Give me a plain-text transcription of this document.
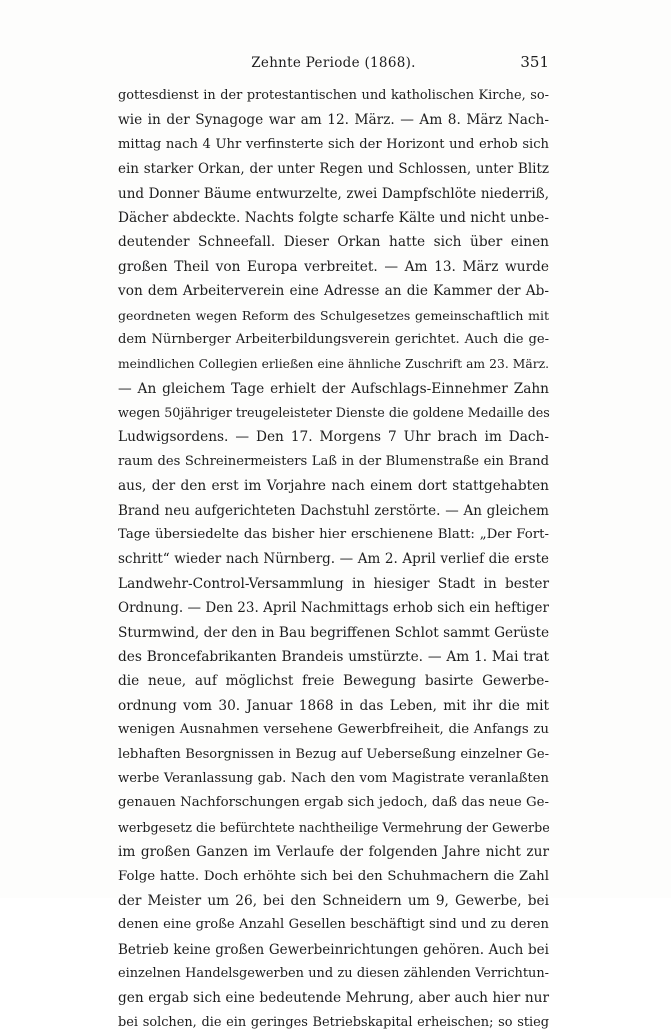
Zehnte Periode (1868).	351
gottesdienst in der protestantischen und katholischen Kirche, so-
wie in der Synagoge war am 12. März. — Am 8. März Nach-
mittag nach 4 Uhr verfinsterte sich der Horizont und erhob sich
ein starker Orkan, der unter Regen und Schlossen, unter Blitz
und Donner Bäume entwurzelte, zwei Dampfschlöte niederriß,
Dächer abdeckte. Nachts folgte scharfe Kälte und nicht unbe-
deutender Schneefall. Dieser Orkan hatte sich über einen
großen Theil von Europa verbreitet. — Am 13. März wurde
von dem Arbeiterverein eine Adresse an die Kammer der Ab-
geordneten wegen Reform des Schulgesetzes gemeinschaftlich mit
dem Nürnberger Arbeiterbildungsverein gerichtet. Auch die ge-
meindlichen Collegien erließen eine ähnliche Zuschrift am 23. März.
— An gleichem Tage erhielt der Aufschlags-Einnehmer Zahn
wegen 50jähriger treugeleisteter Dienste die goldene Medaille des
Ludwigsordens. — Den 17. Morgens 7 Uhr brach im Dach-
raum des Schreinermeisters Laß in der Blumenstraße ein Brand
aus, der den erst im Vorjahre nach einem dort stattgehabten
Brand neu aufgerichteten Dachstuhl zerstörte. — An gleichem
Tage übersiedelte das bisher hier erschienene Blatt: „Der Fort-
schritt“ wieder nach Nürnberg. — Am 2. April verlief die erste
Landwehr-Control-Versammlung in hiesiger Stadt in bester
Ordnung. — Den 23. April Nachmittags erhob sich ein heftiger
Sturmwind, der den in Bau begriffenen Schlot sammt Gerüste
des Broncefabrikanten Brandeis umstürzte. — Am 1. Mai trat
die neue, auf möglichst freie Bewegung basirte Gewerbe-
ordnung vom 30. Januar 1868 in das Leben, mit ihr die mit
wenigen Ausnahmen versehene Gewerbfreiheit, die Anfangs zu
lebhaften Besorgnissen in Bezug auf Ueberseßung einzelner Ge-
werbe Veranlassung gab. Nach den vom Magistrate veranlaßten
genauen Nachforschungen ergab sich jedoch, daß das neue Ge-
werbgesetz die befürchtete nachtheilige Vermehrung der Gewerbe
im großen Ganzen im Verlaufe der folgenden Jahre nicht zur
Folge hatte. Doch erhöhte sich bei den Schuhmachern die Zahl
der Meister um 26, bei den Schneidern um 9, Gewerbe, bei
denen eine große Anzahl Gesellen beschäftigt sind und zu deren
Betrieb keine großen Gewerbeinrichtungen gehören. Auch bei
einzelnen Handelsgewerben und zu diesen zählenden Verrichtun-
gen ergab sich eine bedeutende Mehrung, aber auch hier nur
bei solchen, die ein geringes Betriebskapital erheischen; so stieg
